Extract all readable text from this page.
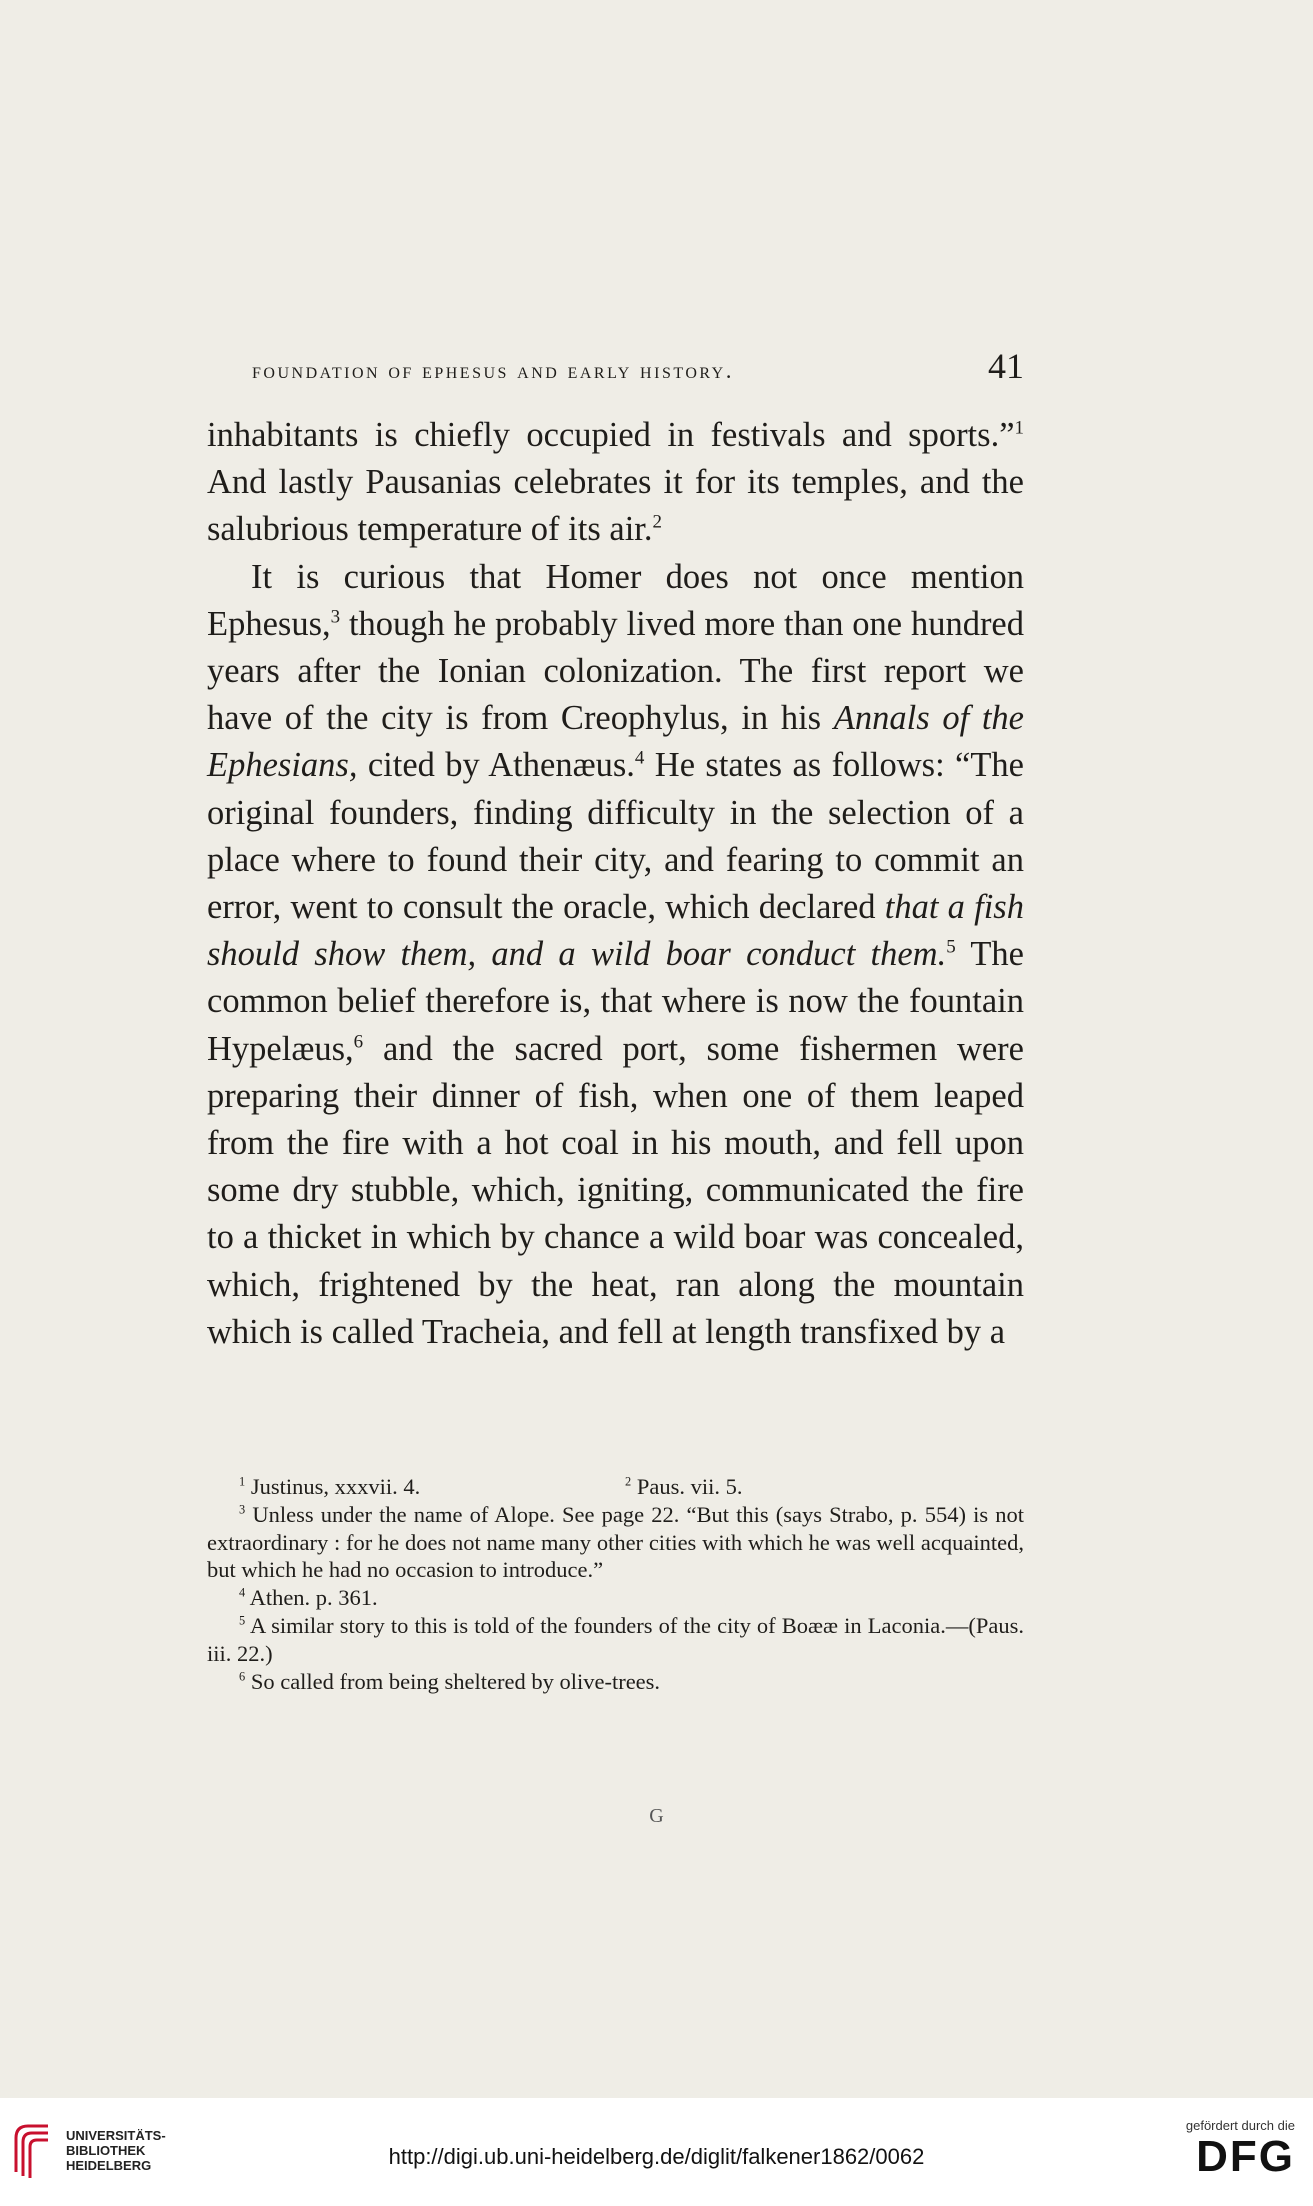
foundation of ephesus and early history.	41

inhabitants is chiefly occupied in festivals and sports.”$^1$ And lastly Pausanias celebrates it for its temples, and the salubrious temperature of its air.$^2$

It is curious that Homer does not once mention Ephesus,$^3$ though he probably lived more than one hundred years after the Ionian colonization. The first report we have of the city is from Creophylus, in his Annals of the Ephesians, cited by Athenæus.$^4$ He states as follows: “The original founders, finding difficulty in the selection of a place where to found their city, and fearing to commit an error, went to consult the oracle, which declared that a fish should show them, and a wild boar conduct them.$^5$ The common belief therefore is, that where is now the fountain Hypelæus,$^6$ and the sacred port, some fishermen were preparing their dinner of fish, when one of them leaped from the fire with a hot coal in his mouth, and fell upon some dry stubble, which, igniting, communicated the fire to a thicket in which by chance a wild boar was concealed, which, frightened by the heat, ran along the mountain which is called Tracheia, and fell at length transfixed by a

$^1$ Justinus, xxxvii. 4.	$^2$ Paus. vii. 5.

$^3$ Unless under the name of Alope. See page 22. “But this (says Strabo, p. 554) is not extraordinary : for he does not name many other cities with which he was well acquainted, but which he had no occasion to introduce.”

$^4$ Athen. p. 361.

$^5$ A similar story to this is told of the founders of the city of Boææ in Laconia.—(Paus. iii. 22.)

$^6$ So called from being sheltered by olive-trees.

G
UNIVERSITÄTS-
BIBLIOTHEK
HEIDELBERG	http://digi.ub.uni-heidelberg.de/diglit/falkener1862/0062
gefördert durch die
DFG
